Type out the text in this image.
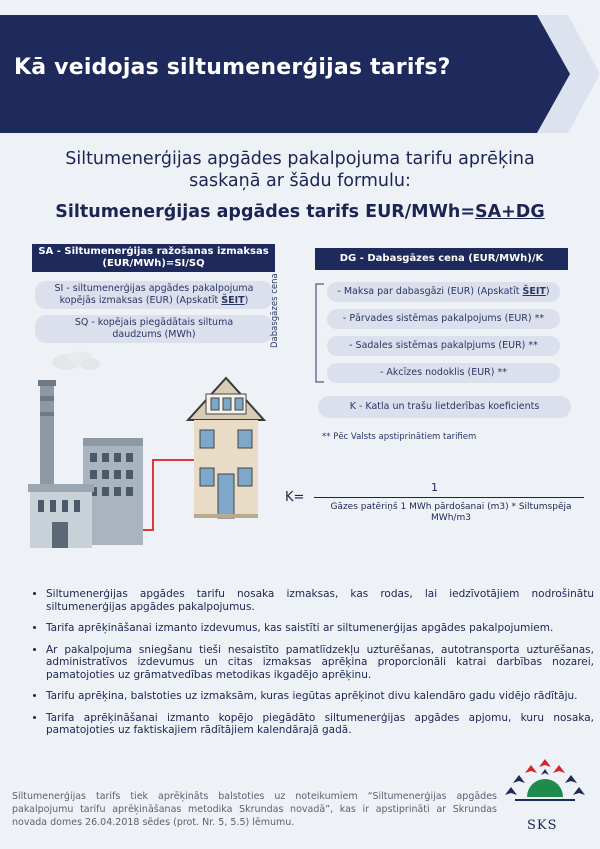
Kā veidojas siltumenerģijas tarifs?
Siltumenerģijas apgādes pakalpojuma tarifu aprēķina
saskaņā ar šādu formulu:
Siltumenerģijas apgādes tarifs EUR/MWh=SA+DG
SA - Siltumenerģijas ražošanas izmaksas
(EUR/MWh)=SI/SQ
SI - siltumenerģijas apgādes pakalpojuma
kopējās izmaksas (EUR) (Apskatīt ŠEIT)
SQ - kopējais piegādātais siltuma
daudzums (MWh)
DG - Dabasgāzes cena (EUR/MWh)/K
Dabasgāzes cena	- Maksa par dabasgāzi (EUR) (Apskatīt ŠEIT)
- Pārvades sistēmas pakalpojums (EUR) **
- Sadales sistēmas pakalpjums (EUR) **
- Akcīzes nodoklis (EUR) **
K - Katla un trašu lietderības koeficients
** Pēc Valsts apstiprinātiem tarifiem
K=
1
Gāzes patēriņš 1 MWh pārdošanai (m3) * Siltumspēja
MWh/m3
• Siltumenerģijas apgādes tarifu nosaka izmaksas, kas rodas, lai iedzīvotājiem nodrošinātu siltumenerģijas apgādes pakalpojumus.
• Tarifa aprēķināšanai izmanto izdevumus, kas saistīti ar siltumenerģijas apgādes pakalpojumiem.
• Ar pakalpojuma sniegšanu tieši nesaistīto pamatlīdzekļu uzturēšanas, autotransporta uzturēšanas, administratīvos izdevumus un citas izmaksas aprēķina proporcionāli katrai darbības nozarei, pamatojoties uz grāmatvedības metodikas ikgadējo aprēķinu.
• Tarifu aprēķina, balstoties uz izmaksām, kuras iegūtas aprēķinot divu kalendāro gadu vidējo rādītāju.
• Tarifa aprēķināšanai izmanto kopējo piegādāto siltumenerģijas apgādes apjomu, kuru nosaka, pamatojoties uz faktiskajiem rādītājiem kalendārajā gadā.
Siltumenerģijas tarifs tiek aprēķināts balstoties uz noteikumiem “Siltumenerģijas apgādes pakalpojumu tarifu aprēķināšanas metodika Skrundas novadā”, kas ir apstiprināti ar Skrundas novada domes 26.04.2018 sēdes (prot. Nr. 5, 5.5) lēmumu.	SKS
